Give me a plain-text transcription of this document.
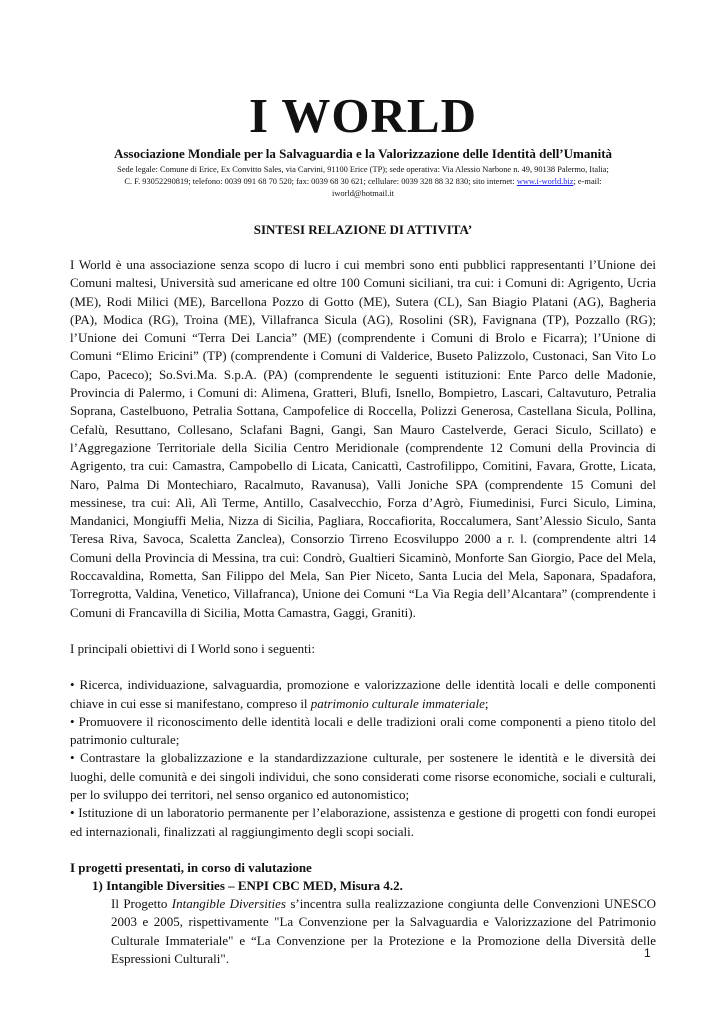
I WORLD
Associazione Mondiale per la Salvaguardia e la Valorizzazione delle Identità dell’Umanità
Sede legale: Comune di Erice, Ex Convitto Sales, via Carvini, 91100 Erice (TP); sede operativa: Via Alessio Narbone n. 49, 90138 Palermo, Italia;
C. F. 93052290819; telefono: 0039 091 68 70 520; fax: 0039 68 30 621; cellulare: 0039 328 88 32 830; sito internet: www.i-world.biz; e-mail:
iworld@hotmail.it
SINTESI RELAZIONE DI ATTIVITA’

I World è una associazione senza scopo di lucro i cui membri sono enti pubblici rappresentanti l’Unione dei Comuni maltesi, Università sud americane ed oltre 100 Comuni siciliani, tra cui: i Comuni di: Agrigento, Ucria (ME), Rodi Milici (ME), Barcellona Pozzo di Gotto (ME), Sutera (CL), San Biagio Platani (AG), Bagheria (PA), Modica (RG), Troina (ME), Villafranca Sicula (AG), Rosolini (SR), Favignana (TP), Pozzallo (RG); l’Unione dei Comuni “Terra Dei Lancia” (ME) (comprendente i Comuni di Brolo e Ficarra); l’Unione di Comuni “Elimo Ericini” (TP) (comprendente i Comuni di Valderice, Buseto Palizzolo, Custonaci, San Vito Lo Capo, Paceco); So.Svi.Ma. S.p.A. (PA) (comprendente le seguenti istituzioni: Ente Parco delle Madonie, Provincia di Palermo, i Comuni di: Alimena, Gratteri, Blufi, Isnello, Bompietro, Lascari, Caltavuturo, Petralia Soprana, Castelbuono, Petralia Sottana, Campofelice di Roccella, Polizzi Generosa, Castellana Sicula, Pollina, Cefalù, Resuttano, Collesano, Sclafani Bagni, Gangi, San Mauro Castelverde, Geraci Siculo, Scillato) e l’Aggregazione Territoriale della Sicilia Centro Meridionale (comprendente 12 Comuni della Provincia di Agrigento, tra cui: Camastra, Campobello di Licata, Canicattì, Castrofilippo, Comitini, Favara, Grotte, Licata, Naro, Palma Di Montechiaro, Racalmuto, Ravanusa), Valli Joniche SPA (comprendente 15 Comuni del messinese, tra cui: Alì, Alì Terme, Antillo, Casalvecchio, Forza d’Agrò, Fiumedinisi, Furci Siculo, Limina, Mandanici, Mongiuffi Melia, Nizza di Sicilia, Pagliara, Roccafiorita, Roccalumera, Sant’Alessio Siculo, Santa Teresa Riva, Savoca, Scaletta Zanclea), Consorzio Tirreno Ecosviluppo 2000 a r. l. (comprendente altri 14 Comuni della Provincia di Messina, tra cui: Condrò, Gualtieri Sicaminò, Monforte San Giorgio, Pace del Mela, Roccavaldina, Rometta, San Filippo del Mela, San Pier Niceto, Santa Lucia del Mela, Saponara, Spadafora, Torregrotta, Valdina, Venetico, Villafranca), Unione dei Comuni “La Via Regia dell’Alcantara” (comprendente i Comuni di Francavilla di Sicilia, Motta Camastra, Gaggi, Graniti).

I principali obiettivi di I World sono i seguenti:

• Ricerca, individuazione, salvaguardia, promozione e valorizzazione delle identità locali e delle componenti chiave in cui esse si manifestano, compreso il patrimonio culturale immateriale;

• Promuovere il riconoscimento delle identità locali e delle tradizioni orali come componenti a pieno titolo del patrimonio culturale;

• Contrastare la globalizzazione e la standardizzazione culturale, per sostenere le identità e le diversità dei luoghi, delle comunità e dei singoli individui, che sono considerati come risorse economiche, sociali e culturali, per lo sviluppo dei territori, nel senso organico ed autonomistico;

• Istituzione di un laboratorio permanente per l’elaborazione, assistenza e gestione di progetti con fondi europei ed internazionali, finalizzati al raggiungimento degli scopi sociali.

I progetti presentati, in corso di valutazione
1) Intangible Diversities – ENPI CBC MED, Misura 4.2.

Il Progetto Intangible Diversities s’incentra sulla realizzazione congiunta delle Convenzioni UNESCO 2003 e 2005, rispettivamente "La Convenzione per la Salvaguardia e Valorizzazione del Patrimonio Culturale Immateriale" e “La Convenzione per la Protezione e la Promozione della Diversità delle Espressioni Culturali".	1
